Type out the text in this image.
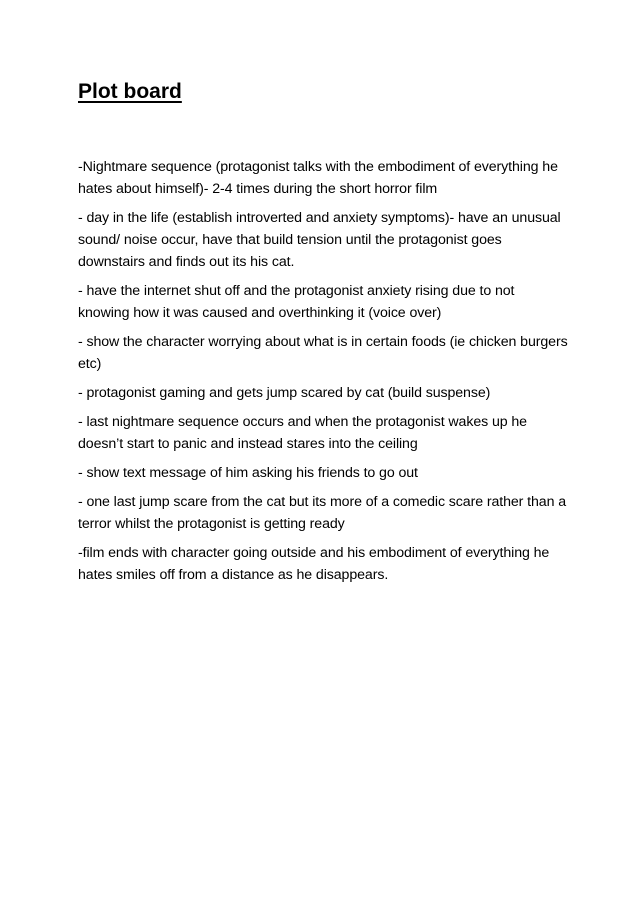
Plot board

-Nightmare sequence (protagonist talks with the embodiment of everything he hates about himself)- 2-4 times during the short horror film

- day in the life (establish introverted and anxiety symptoms)- have an unusual sound/ noise occur, have that build tension until the protagonist goes downstairs and finds out its his cat.

- have the internet shut off and the protagonist anxiety rising due to not knowing how it was caused and overthinking it (voice over)

- show the character worrying about what is in certain foods (ie chicken burgers etc)

- protagonist gaming and gets jump scared by cat (build suspense)

- last nightmare sequence occurs and when the protagonist wakes up he doesn’t start to panic and instead stares into the ceiling

- show text message of him asking his friends to go out

- one last jump scare from the cat but its more of a comedic scare rather than a terror whilst the protagonist is getting ready

-film ends with character going outside and his embodiment of everything he hates smiles off from a distance as he disappears.
